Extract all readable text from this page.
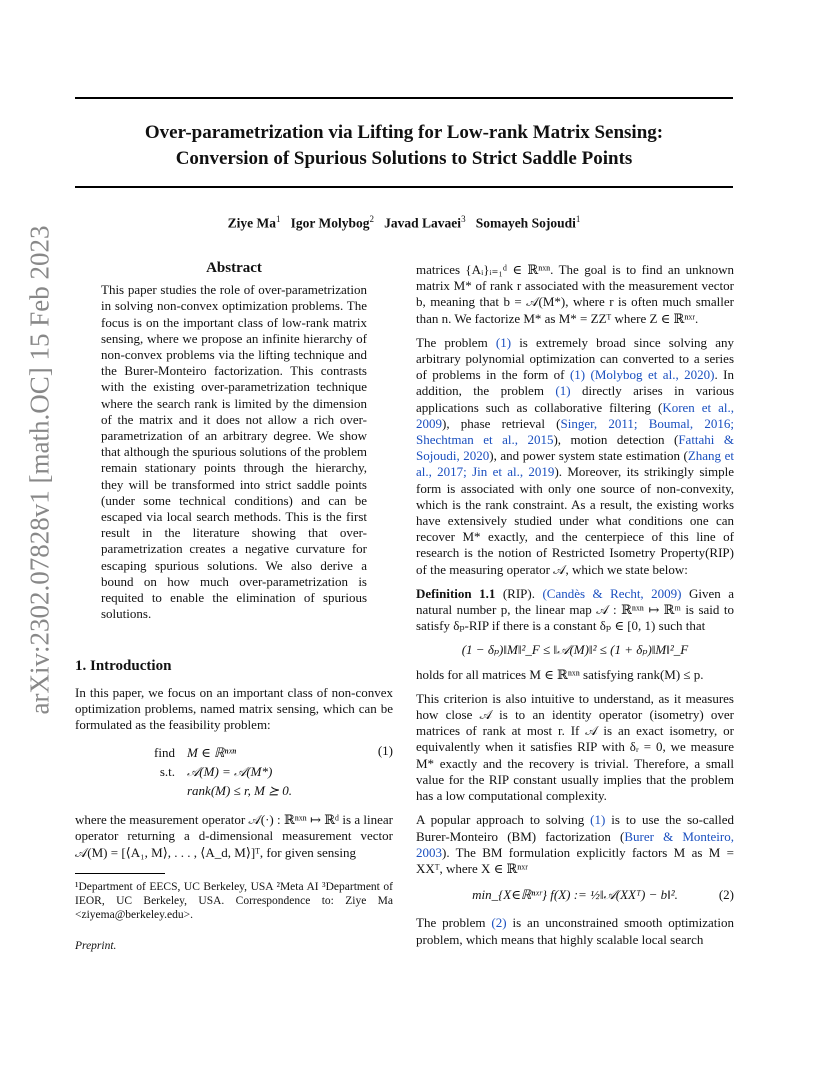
Over-parametrization via Lifting for Low-rank Matrix Sensing:
Conversion of Spurious Solutions to Strict Saddle Points
Ziye Ma$^1$ Igor Molybog$^2$ Javad Lavaei$^3$ Somayeh Sojoudi$^1$
arXiv:2302.07828v1 [math.OC] 15 Feb 2023	Abstract

This paper studies the role of over-parametrization in solving non-convex optimization problems. The focus is on the important class of low-rank matrix sensing, where we propose an infinite hierarchy of non-convex problems via the lifting technique and the Burer-Monteiro factorization. This contrasts with the existing over-parametrization technique where the search rank is limited by the dimension of the matrix and it does not allow a rich over-parametrization of an arbitrary degree. We show that although the spurious solutions of the problem remain stationary points through the hierarchy, they will be transformed into strict saddle points (under some technical conditions) and can be escaped via local search methods. This is the first result in the literature showing that over-parametrization creates a negative curvature for escaping spurious solutions. We also derive a bound on how much over-parametrization is requited to enable the elimination of spurious solutions.

1. Introduction

In this paper, we focus on an important class of non-convex optimization problems, named matrix sensing, which can be formulated as the feasibility problem:

find M ∈ ℝⁿˣⁿ
s.t. 𝒜(M) = 𝒜(M*)
rank(M) ≤ r, M ⪰ 0.
(1)

where the measurement operator 𝒜(·) : ℝⁿˣⁿ ↦ ℝᵈ is a linear operator returning a d-dimensional measurement vector 𝒜(M) = [⟨A₁, M⟩, . . . , ⟨A_d, M⟩]ᵀ, for given sensing

¹Department of EECS, UC Berkeley, USA ²Meta AI ³Department of IEOR, UC Berkeley, USA. Correspondence to: Ziye Ma <ziyema@berkeley.edu>.
Preprint.

matrices {Aᵢ}ᵢ₌₁ᵈ ∈ ℝⁿˣⁿ. The goal is to find an unknown matrix M* of rank r associated with the measurement vector b, meaning that b = 𝒜(M*), where r is often much smaller than n. We factorize M* as M* = ZZᵀ where Z ∈ ℝⁿˣʳ.

The problem (1) is extremely broad since solving any arbitrary polynomial optimization can converted to a series of problems in the form of (1) (Molybog et al., 2020). In addition, the problem (1) directly arises in various applications such as collaborative filtering (Koren et al., 2009), phase retrieval (Singer, 2011; Boumal, 2016; Shechtman et al., 2015), motion detection (Fattahi & Sojoudi, 2020), and power system state estimation (Zhang et al., 2017; Jin et al., 2019). Moreover, its strikingly simple form is associated with only one source of non-convexity, which is the rank constraint. As a result, the existing works have extensively studied under what conditions one can recover M* exactly, and the centerpiece of this line of research is the notion of Restricted Isometry Property(RIP) of the measuring operator 𝒜, which we state below:

Definition 1.1 (RIP). (Candès & Recht, 2009) Given a natural number p, the linear map 𝒜 : ℝⁿˣⁿ ↦ ℝᵐ is said to satisfy δₚ-RIP if there is a constant δₚ ∈ [0, 1) such that

(1 − δₚ)‖M‖²_F ≤ ‖𝒜(M)‖² ≤ (1 + δₚ)‖M‖²_F

holds for all matrices M ∈ ℝⁿˣⁿ satisfying rank(M) ≤ p.

This criterion is also intuitive to understand, as it measures how close 𝒜 is to an identity operator (isometry) over matrices of rank at most r. If 𝒜 is an exact isometry, or equivalently when it satisfies RIP with δᵣ = 0, we measure M* exactly and the recovery is trivial. Therefore, a small value for the RIP constant usually implies that the problem has a low computational complexity.

A popular approach to solving (1) is to use the so-called Burer-Monteiro (BM) factorization (Burer & Monteiro, 2003). The BM formulation explicitly factors M as M = XXᵀ, where X ∈ ℝⁿˣʳ

min_{X∈ℝⁿˣʳ} f(X) := ½‖𝒜(XXᵀ) − b‖².	(2)

The problem (2) is an unconstrained smooth optimization problem, which means that highly scalable local search
